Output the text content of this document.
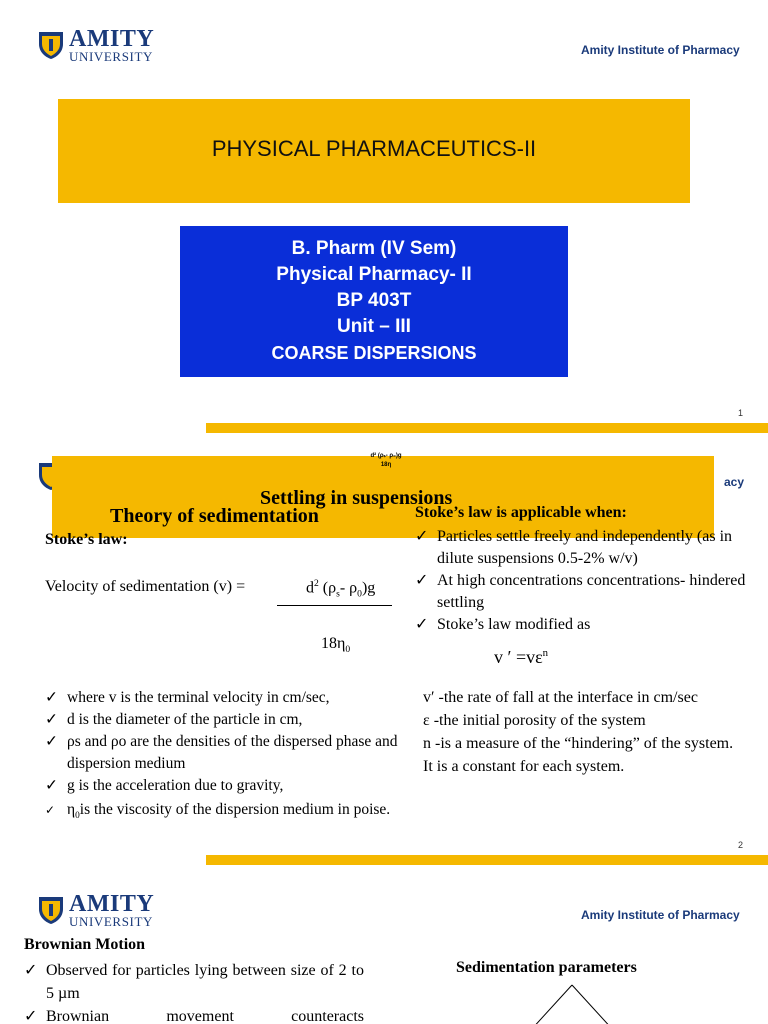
AMITY
UNIVERSITY	Amity Institute of Pharmacy
PHYSICAL PHARMACEUTICS-II
B. Pharm (IV Sem)
Physical Pharmacy- II
BP 403T
Unit – III
COARSE DISPERSIONS
1
acy
d² (ρₛ- ρ₀)g
18η
Settling in suspensions
Theory of sedimentation
Stoke’s law:
Velocity of sedimentation (v) =	$d^2$ ($\rho_s-$ $\rho_0)g$
$18\eta_0$
✓ where v is the terminal velocity in cm/sec,
✓ d is the diameter of the particle in cm,
✓ ρs and ρo are the densities of the dispersed phase and dispersion medium
✓ g is the acceleration due to gravity,
✓ $\eta_0is$ the viscosity of the dispersion medium in poise.
Stoke’s law is applicable when:
✓ Particles settle freely and independently (as in dilute suspensions 0.5-2% w/v)
✓ At high concentrations concentrations- hindered settling
✓ Stoke’s law modified as
v ′ $=v\varepsilon^n$
v′ -the rate of fall at the interface in cm/sec
ε -the initial porosity of the system
n -is a measure of the “hindering” of the system. It is a constant for each system.
2
AMITY
UNIVERSITY	Amity Institute of Pharmacy
Brownian Motion
✓ Observed for particles lying between size of 2 to 5 µm
✓ Brownian movement counteracts
Sedimentation parameters
